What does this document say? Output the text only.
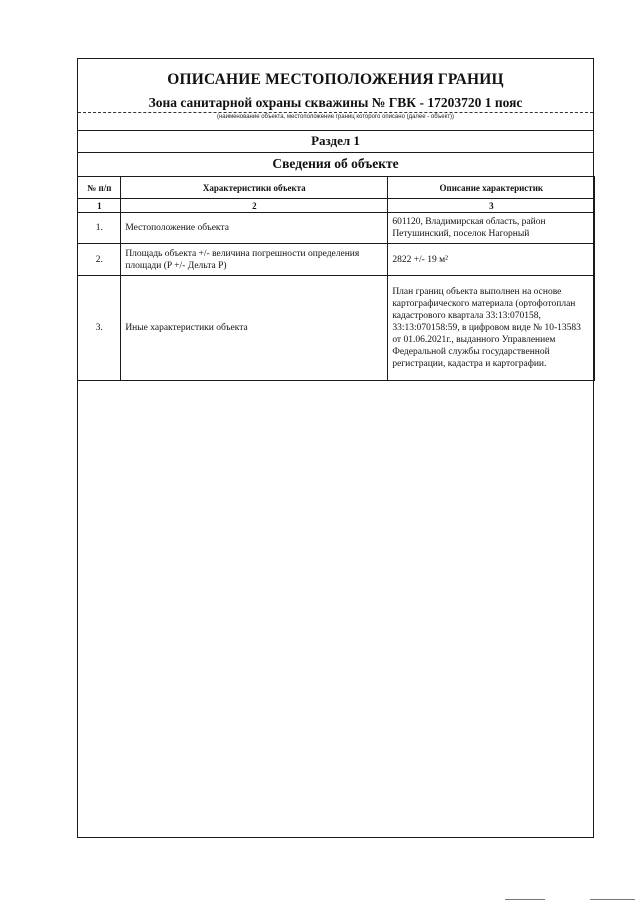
ОПИСАНИЕ МЕСТОПОЛОЖЕНИЯ ГРАНИЦ
Зона санитарной охраны скважины № ГВК - 17203720 1 пояс
(наименование объекта, местоположение границ которого описано (далее - объект))
Раздел 1
Сведения об объекте
№ п/п	Характеристики объекта	Описание характеристик
1	2	3
1.	Местоположение объекта	601120, Владимирская область, район Петушинский, поселок Нагорный
2.	Площадь объекта +/- величина погрешности определения площади (P +/- Дельта P)	2822 +/- 19 м²
3.	Иные характеристики объекта	План границ объекта выполнен на основе картографического материала (ортофотоплан кадастрового квартала 33:13:070158, 33:13:070158:59, в цифровом виде № 10-13583 от 01.06.2021г., выданного Управлением Федеральной службы государственной регистрации, кадастра и картографии.
